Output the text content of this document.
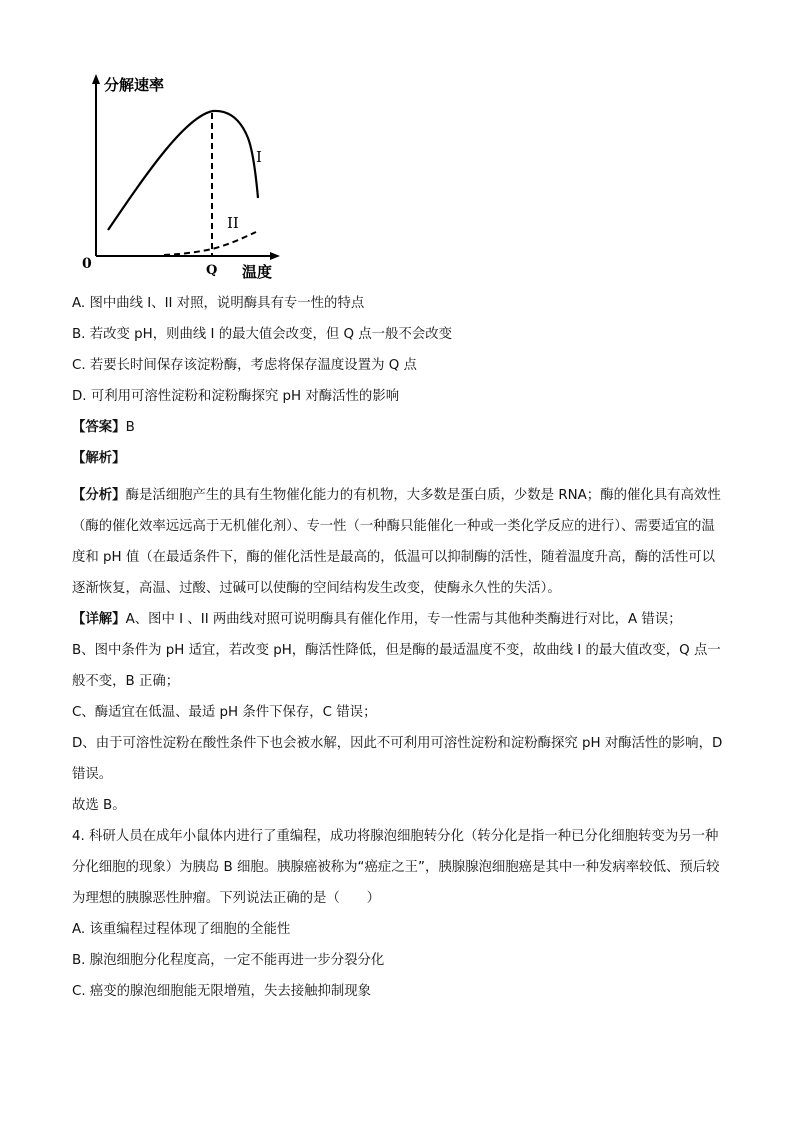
分解速率
温度
0	Q
I
II

A. 图中曲线 I、II 对照，说明酶具有专一性的特点

B. 若改变 pH，则曲线 I 的最大值会改变，但 Q 点一般不会改变

C. 若要长时间保存该淀粉酶，考虑将保存温度设置为 Q 点

D. 可利用可溶性淀粉和淀粉酶探究 pH 对酶活性的影响

【答案】B

【解析】

【分析】酶是活细胞产生的具有生物催化能力的有机物，大多数是蛋白质，少数是 RNA；酶的催化具有高效性（酶的催化效率远远高于无机催化剂）、专一性（一种酶只能催化一种或一类化学反应的进行）、需要适宜的温度和 pH 值（在最适条件下，酶的催化活性是最高的，低温可以抑制酶的活性，随着温度升高，酶的活性可以逐渐恢复，高温、过酸、过碱可以使酶的空间结构发生改变，使酶永久性的失活）。

【详解】A、图中 I 、II 两曲线对照可说明酶具有催化作用，专一性需与其他种类酶进行对比，A 错误；

B、图中条件为 pH 适宜，若改变 pH，酶活性降低，但是酶的最适温度不变，故曲线 I 的最大值改变，Q 点一般不变，B 正确；

C、酶适宜在低温、最适 pH 条件下保存，C 错误；

D、由于可溶性淀粉在酸性条件下也会被水解，因此不可利用可溶性淀粉和淀粉酶探究 pH 对酶活性的影响，D 错误。

故选 B。

4. 科研人员在成年小鼠体内进行了重编程，成功将腺泡细胞转分化（转分化是指一种已分化细胞转变为另一种分化细胞的现象）为胰岛 B 细胞。胰腺癌被称为“癌症之王”，胰腺腺泡细胞癌是其中一种发病率较低、预后较为理想的胰腺恶性肿瘤。下列说法正确的是（　　）

A. 该重编程过程体现了细胞的全能性

B. 腺泡细胞分化程度高，一定不能再进一步分裂分化

C. 癌变的腺泡细胞能无限增殖，失去接触抑制现象
